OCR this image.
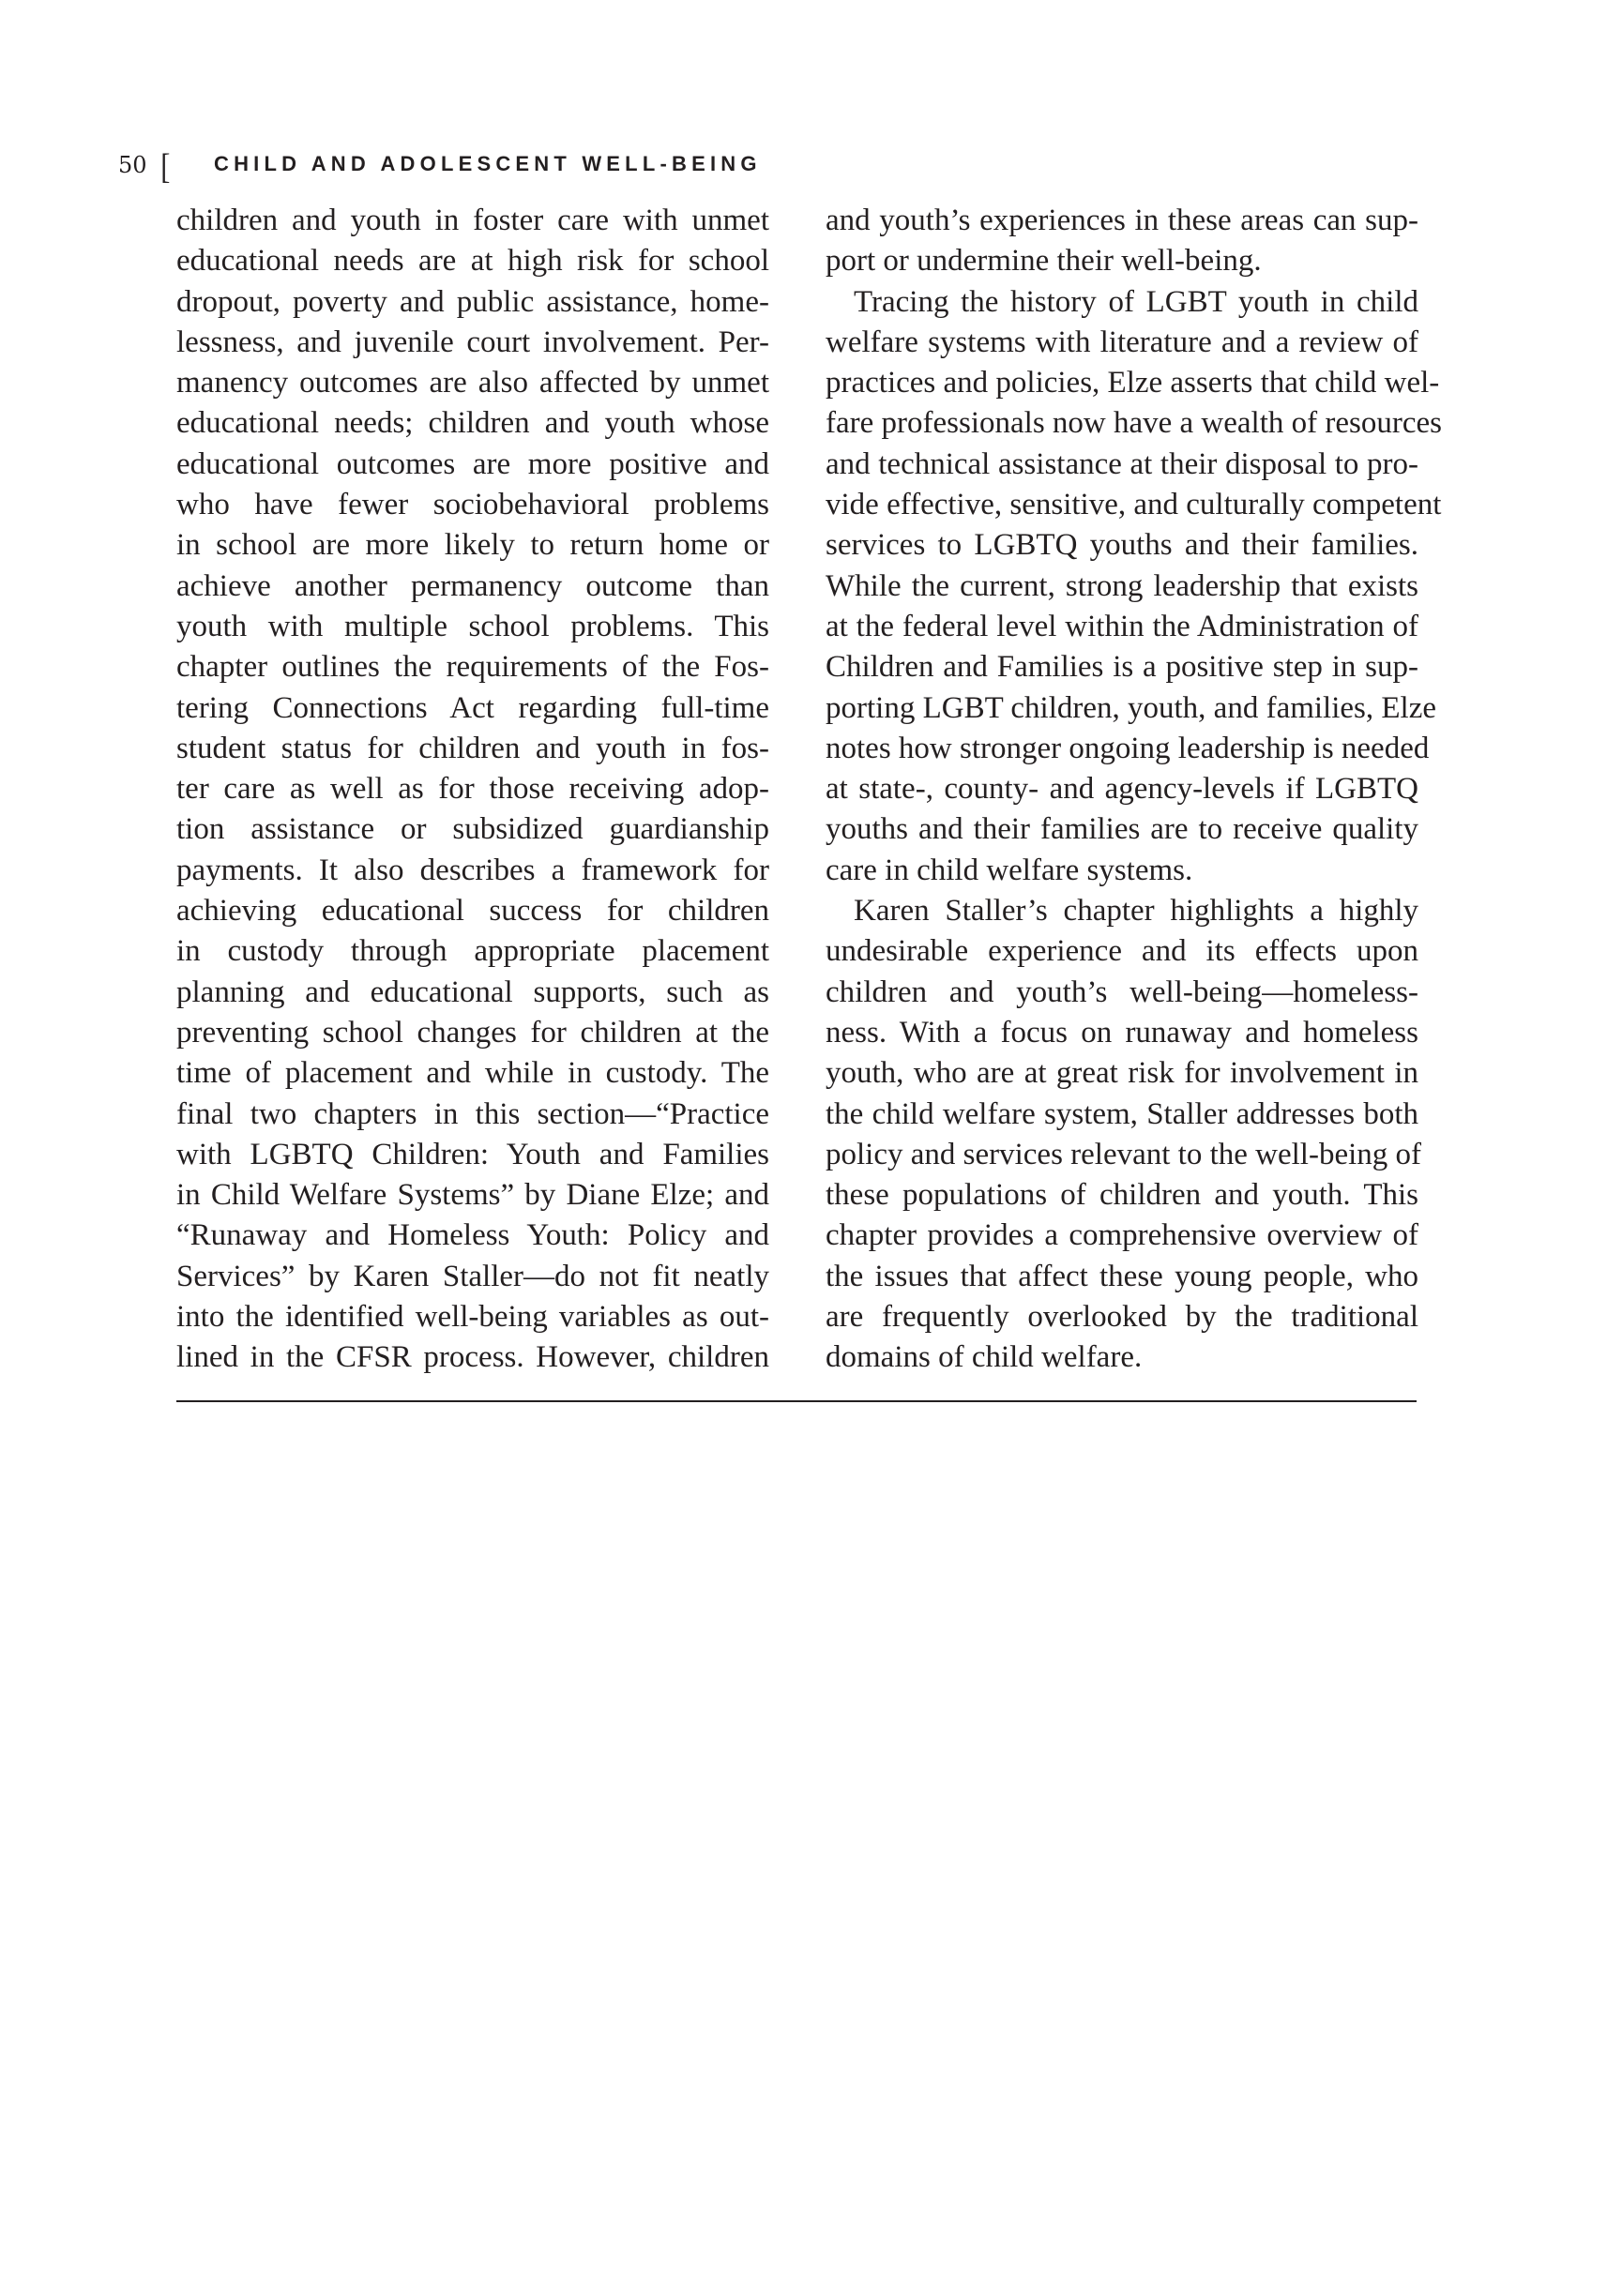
50 [ CHILD AND ADOLESCENT WELL-BEING
children and youth in foster care with unmet
educational needs are at high risk for school
dropout, poverty and public assistance, home-
lessness, and juvenile court involvement. Per-
manency outcomes are also affected by unmet
educational needs; children and youth whose
educational outcomes are more positive and
who have fewer sociobehavioral problems
in school are more likely to return home or
achieve another permanency outcome than
youth with multiple school problems. This
chapter outlines the requirements of the Fos-
tering Connections Act regarding full-time
student status for children and youth in fos-
ter care as well as for those receiving adop-
tion assistance or subsidized guardianship
payments. It also describes a framework for
achieving educational success for children
in custody through appropriate placement
planning and educational supports, such as
preventing school changes for children at the
time of placement and while in custody. The
final two chapters in this section—“Practice
with LGBTQ Children: Youth and Families
in Child Welfare Systems” by Diane Elze; and
“Runaway and Homeless Youth: Policy and
Services” by Karen Staller—do not fit neatly
into the identified well-being variables as out-
lined in the CFSR process. However, children
and youth’s experiences in these areas can sup-
port or undermine their well-being.
Tracing the history of LGBT youth in child
welfare systems with literature and a review of
practices and policies, Elze asserts that child wel-
fare professionals now have a wealth of resources
and technical assistance at their disposal to pro-
vide effective, sensitive, and culturally competent
services to LGBTQ youths and their families.
While the current, strong leadership that exists
at the federal level within the Administration of
Children and Families is a positive step in sup-
porting LGBT children, youth, and families, Elze
notes how stronger ongoing leadership is needed
at state-, county- and agency-levels if LGBTQ
youths and their families are to receive quality
care in child welfare systems.
Karen Staller’s chapter highlights a highly
undesirable experience and its effects upon
children and youth’s well-being—homeless-
ness. With a focus on runaway and homeless
youth, who are at great risk for involvement in
the child welfare system, Staller addresses both
policy and services relevant to the well-being of
these populations of children and youth. This
chapter provides a comprehensive overview of
the issues that affect these young people, who
are frequently overlooked by the traditional
domains of child welfare.
